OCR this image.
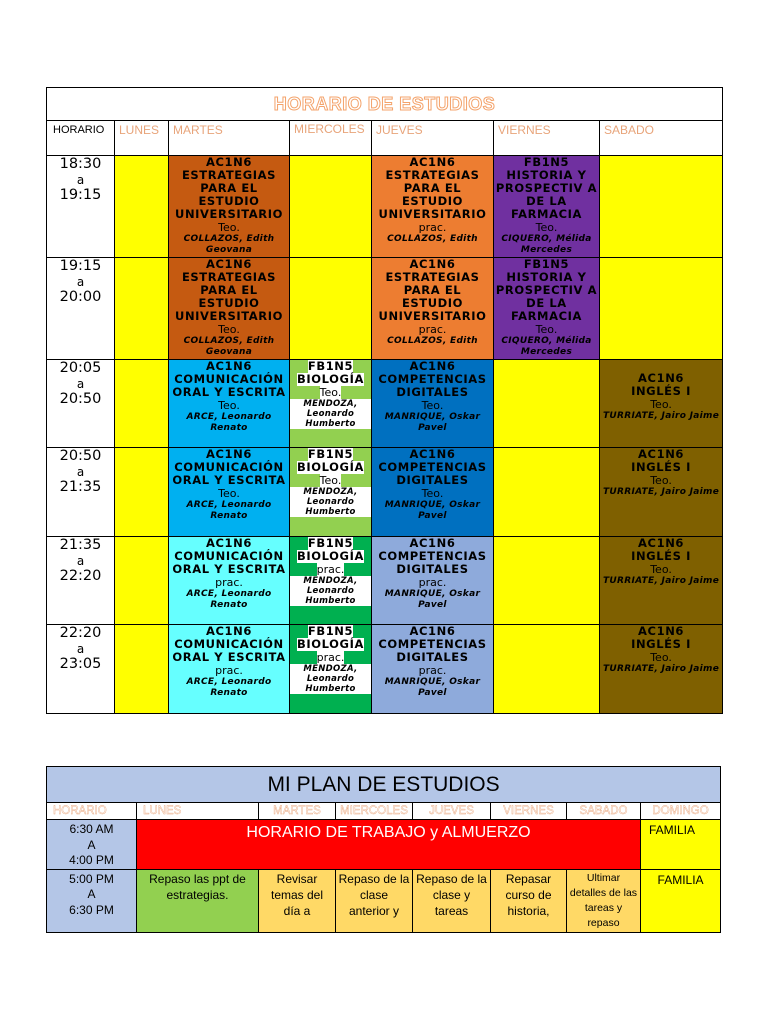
HORARIO DE ESTUDIOS						
HORARIO	LUNES	MARTES	MIERCOLES	JUEVES	VIERNES	SABADO

18:30
a
19:15		AC1N6
ESTRATEGIAS PARA EL ESTUDIO UNIVERSITARIO
Teo.
COLLAZOS, Edith Geovana		AC1N6
ESTRATEGIAS PARA EL ESTUDIO UNIVERSITARIO
prac.
COLLAZOS, Edith	FB1N5
HISTORIA Y PROSPECTIV A DE LA FARMACIA
Teo.
CIQUERO, Mélida Mercedes	

19:15
a
20:00		AC1N6
ESTRATEGIAS PARA EL ESTUDIO UNIVERSITARIO
Teo.
COLLAZOS, Edith Geovana		AC1N6
ESTRATEGIAS PARA EL ESTUDIO UNIVERSITARIO
prac.
COLLAZOS, Edith	FB1N5
HISTORIA Y PROSPECTIV A DE LA FARMACIA
Teo.
CIQUERO, Mélida Mercedes	

20:05
a
20:50		AC1N6
COMUNICACIÓN ORAL Y ESCRITA
Teo.
ARCE, Leonardo Renato	FB1N5 BIOLOGÍA Teo. MENDOZA, Leonardo Humberto	AC1N6
COMPETENCIAS DIGITALES
Teo.
MANRIQUE, Oskar Pavel		AC1N6
INGLÉS I
Teo.
TURRIATE, Jairo Jaime

20:50
a
21:35		AC1N6
COMUNICACIÓN ORAL Y ESCRITA
Teo.
ARCE, Leonardo Renato	FB1N5 BIOLOGÍA Teo. MENDOZA, Leonardo Humberto	AC1N6
COMPETENCIAS DIGITALES
Teo.
MANRIQUE, Oskar Pavel		AC1N6
INGLÉS I
Teo.
TURRIATE, Jairo Jaime

21:35
a
22:20		AC1N6
COMUNICACIÓN ORAL Y ESCRITA
prac.
ARCE, Leonardo Renato	FB1N5 BIOLOGÍA prac. MENDOZA, Leonardo Humberto	AC1N6
COMPETENCIAS DIGITALES
prac.
MANRIQUE, Oskar Pavel		AC1N6
INGLÉS I
Teo.
TURRIATE, Jairo Jaime

22:20
a
23:05		AC1N6
COMUNICACIÓN ORAL Y ESCRITA
prac.
ARCE, Leonardo Renato	FB1N5 BIOLOGÍA prac. MENDOZA, Leonardo Humberto	AC1N6
COMPETENCIAS DIGITALES
prac.
MANRIQUE, Oskar Pavel		AC1N6
INGLÉS I
Teo.
TURRIATE, Jairo Jaime
MI PLAN DE ESTUDIOS							
HORARIO	LUNES	MARTES	MIERCOLES	JUEVES	VIERNES	SABADO	DOMINGO

6:30 AM
A
4:00 PM	HORARIO DE TRABAJO y ALMUERZO						FAMILIA

5:00 PM
A
6:30 PM	Repaso las ppt de estrategias.	Revisar temas del día a	Repaso de la clase anterior y	Repaso de la clase y tareas	Repasar curso de historia,	Ultimar detalles de las tareas y repaso	FAMILIA
